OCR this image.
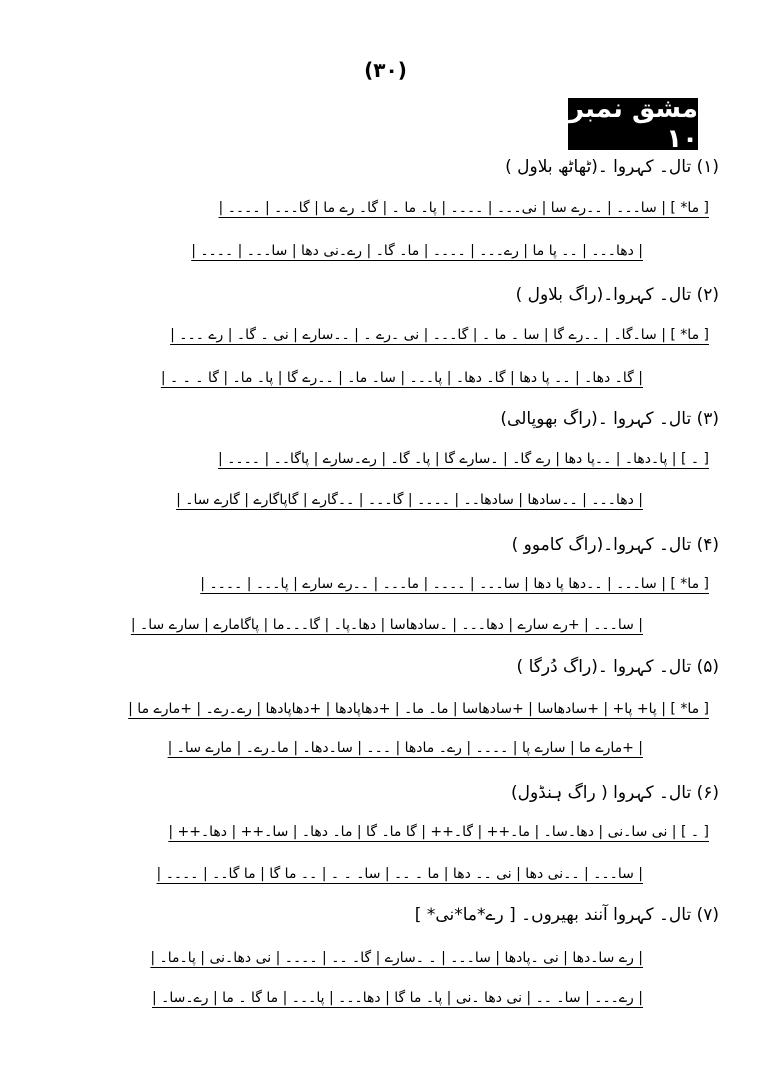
(۳۰)
مشق نمبر ۱۰
(۱) تال۔ کہروا ۔(ٹھاٹھ بلاول )
[ ما* ] | سا۔۔۔ | ۔۔رے سا | نی۔۔۔ | ۔۔۔۔ | پا۔ ما ۔ | گا۔ رے ما | گا۔۔۔ | ۔۔۔۔ |
| دھا۔۔۔ | ۔۔ پا ما | رے۔۔۔ | ۔۔۔۔ | ما۔ گا۔ | رے۔نی دھا | سا۔۔۔ | ۔۔۔۔ |
(۲) تال۔ کہروا۔(راگ بلاول )
[ ما* ] | سا۔گا۔ | ۔۔رے گا | سا ۔ ما ۔ | گا۔۔۔ | نی ۔رے ۔ | ۔۔سارے | نی ۔ گا۔ | رے ۔۔۔ |
| گا۔ دھا۔ | ۔۔ پا دھا | گا۔ دھا۔ | پا۔۔۔ | سا۔ ما۔ | ۔۔رے گا | پا۔ ما۔ | گا ۔ ۔ ۔ |
(۳) تال۔ کہروا ۔(راگ بھوپالی)
[ ۔ ] | پا۔دھا۔ | ۔۔پا دھا | رے گا۔ | ۔سارے گا | پا۔ گا۔ | رے۔سارے | پاگا۔۔ | ۔۔۔۔ |
| دھا۔۔۔ | ۔۔سادھا | سادھا۔۔ | ۔۔۔۔ | گا۔۔۔ | ۔۔گارے | گاپاگارے | گارے سا۔ |
(۴) تال۔ کہروا۔(راگ کاموو )
[ ما* ] | سا۔۔۔ | ۔۔دھا پا دھا | سا۔۔۔ | ۔۔۔۔ | ما۔۔۔ | ۔۔رے سارے | پا۔۔۔ | ۔۔۔۔ |
| سا۔۔۔ | +رے سارے | دھا۔۔۔ | ۔سادھاسا | دھا۔پا۔ | گا۔۔۔ما | پاگامارے | سارے سا۔ |
(۵) تال۔ کہروا ۔(راگ دُرگا )
[ ما* ] | پا+ پا+ | +سادھاسا | +سادھاسا | ما۔ ما۔ | +دھاپادھا | +دھاپادھا | رے۔رے۔ | +مارے ما |
| +مارے ما | سارے پا | ۔۔۔۔ | رے۔ مادھا | ۔۔۔ | سا۔دھا۔ | ما۔رے۔ | مارے سا۔ |
(۶) تال۔ کہروا ( راگ ہنڈول)
[ ۔ ] | نی سا۔نی | دھا۔سا۔ | ما۔++ | گا۔++ | گا ما۔ گا | ما۔ دھا۔ | سا۔++ | دھا۔++ |
| سا۔۔۔ | ۔۔نی دھا | نی ۔۔ دھا | ما ۔ ۔۔ | سا۔ ۔ ۔ | ۔۔ ما گا | ما گا۔۔ | ۔۔۔۔ |
(۷) تال۔ کہروا آنند بھیروں۔ [ رے*ما*نی* ]
| رے سا۔دھا | نی ۔پادھا | سا۔۔۔ | ۔ ۔سارے | گا۔ ۔۔ | ۔۔۔۔ | نی دھا۔نی | پا۔ما۔ |
| رے۔۔۔ | سا۔ ۔۔ | نی دھا ۔نی | پا۔ ما گا | دھا۔۔۔ | پا۔۔۔ | ما گا ۔ ما | رے۔سا۔ |
